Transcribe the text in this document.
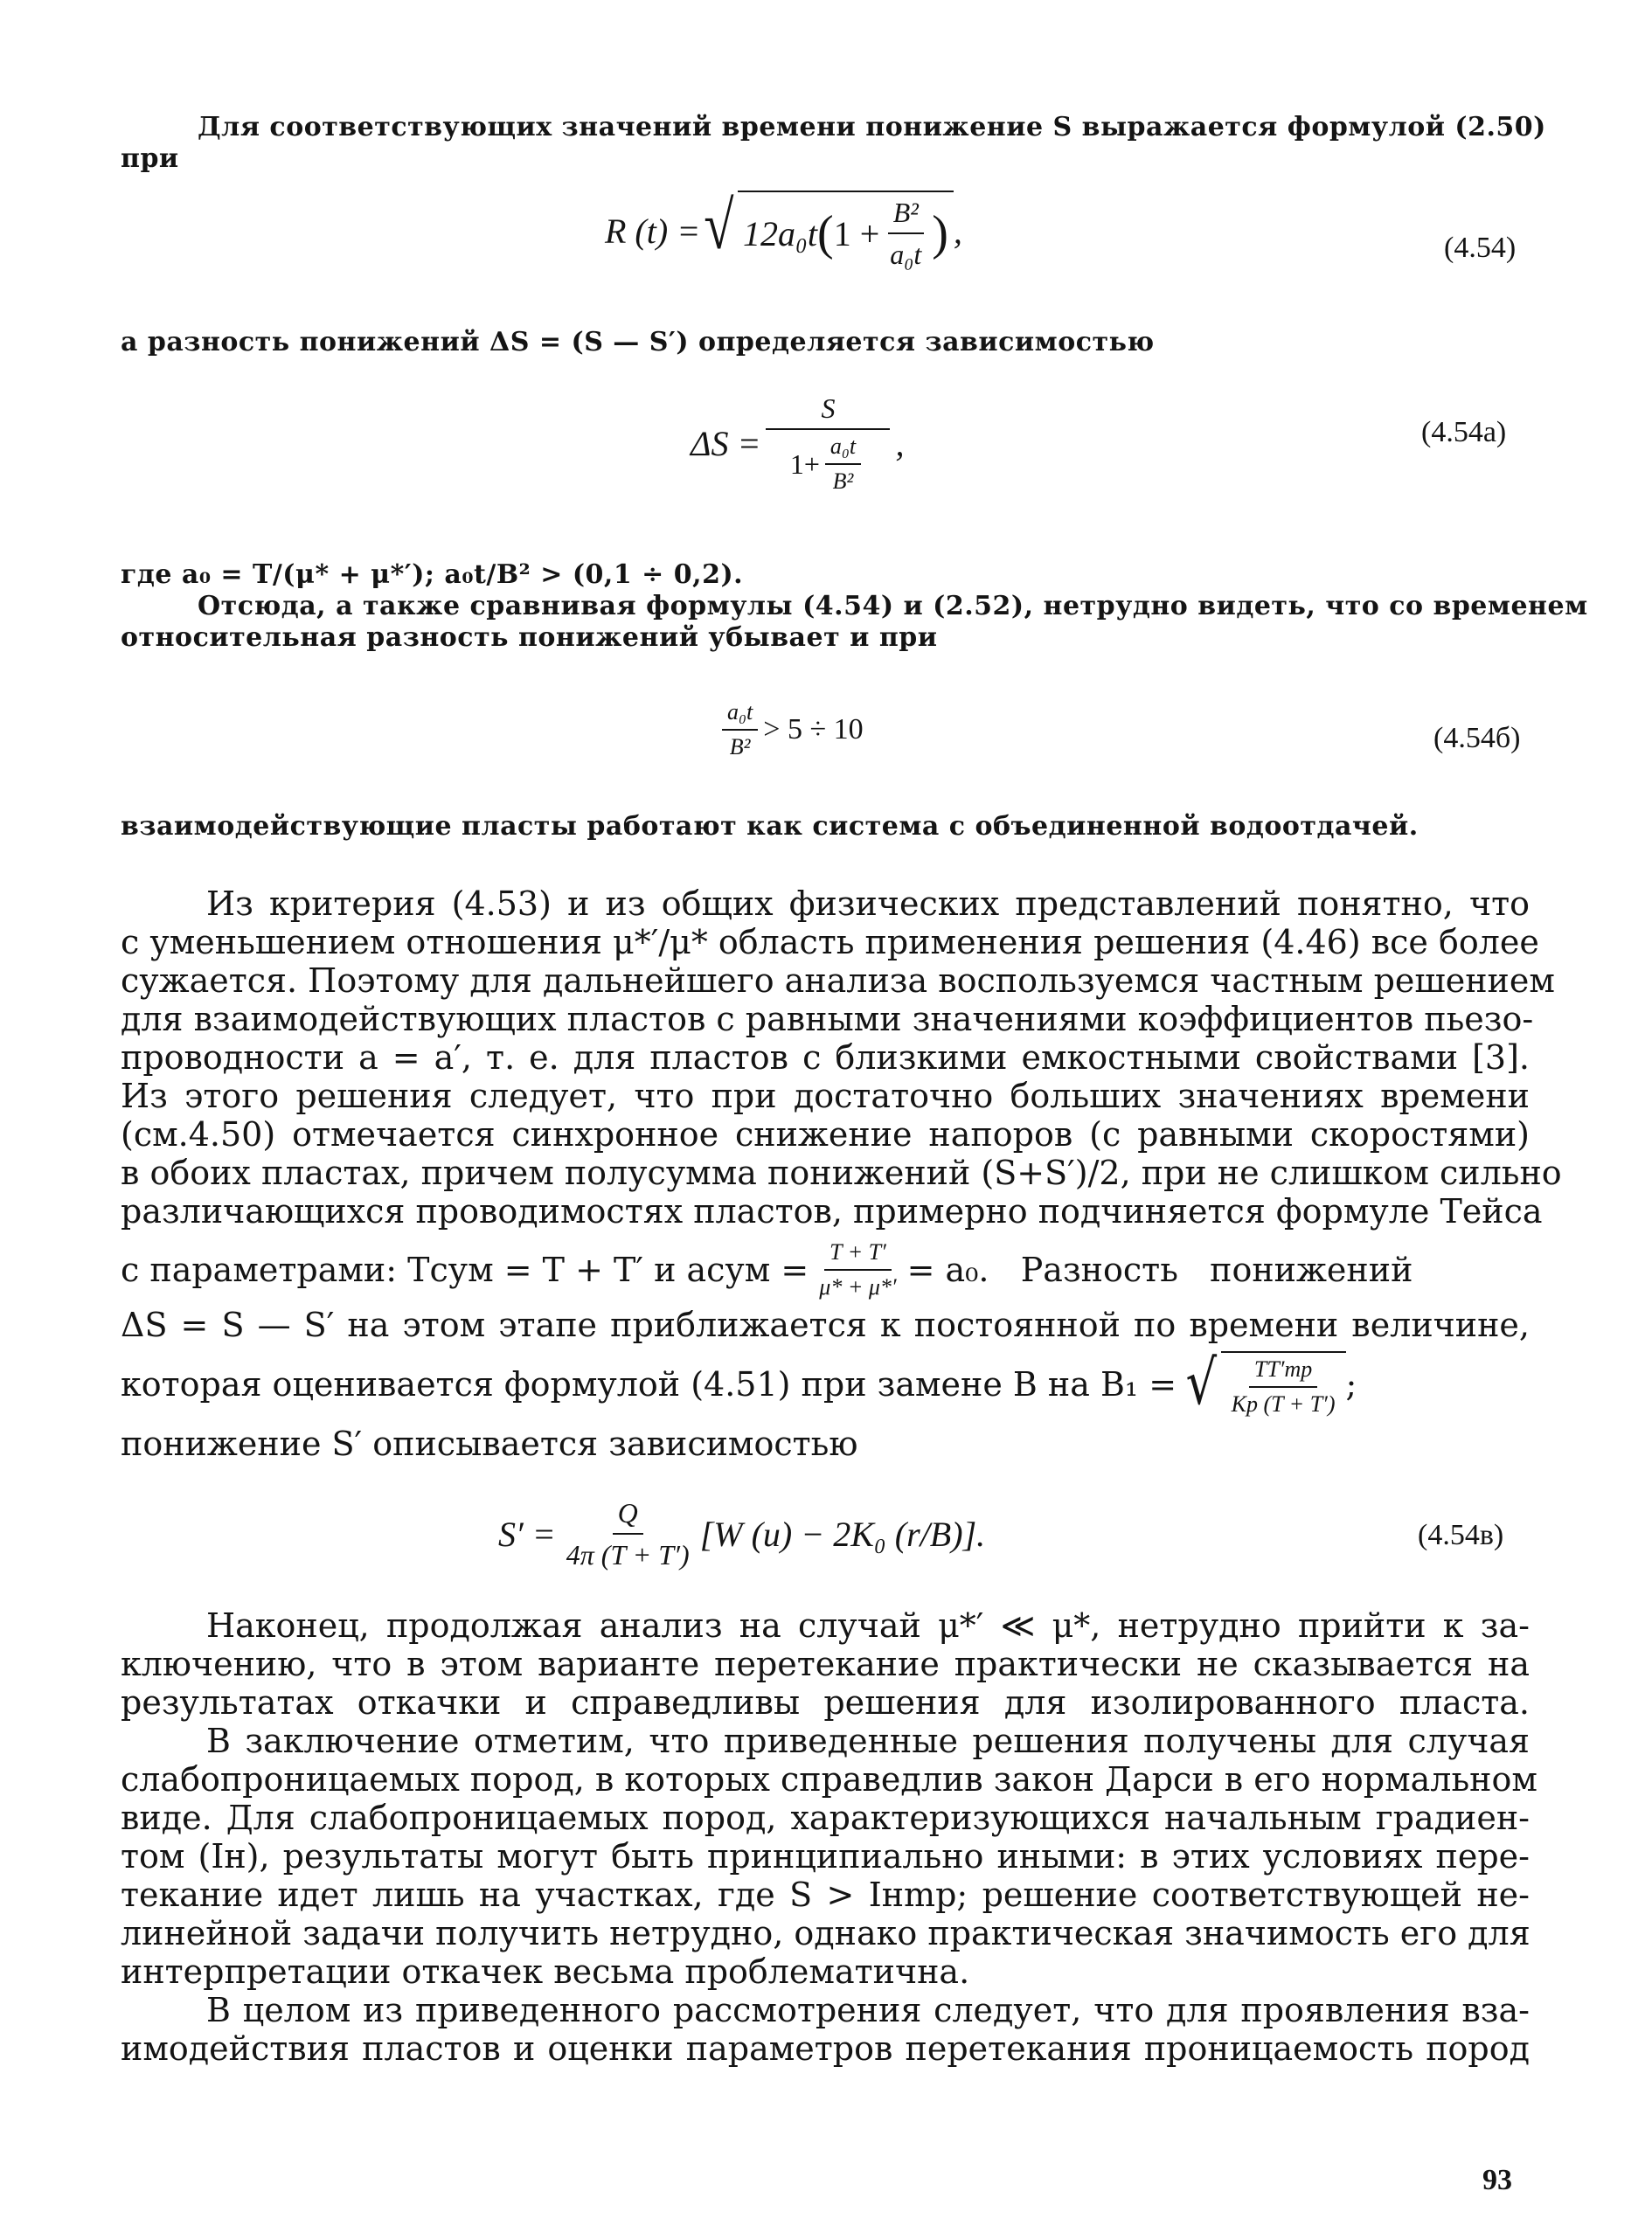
Для соответствующих значений времени понижение S выражается формулой (2.50)
при
R (t) = √ 12a₀t ( $1 + \frac{\text{B²}}{\text{a₀t}}$ ) ,	(4.54)
а разность понижений ΔS = (S — S′) определяется зависимостью
$\Delta S = \frac{S}{1+ \frac{\text{a₀t}}{\text{B²}}}$ ,	(4.54a)
где a₀ = T/(μ* + μ*′); a₀t/B² > (0,1 ÷ 0,2).
Отсюда, а также сравнивая формулы (4.54) и (2.52), нетрудно видеть, что со временем
относительная разность понижений убывает и при
$\frac{\text{a₀t}}{\text{B²}} > 5 \div 10$	(4.54б)
взаимодействующие пласты работают как система с объединенной водоотдачей.
Из критерия (4.53) и из общих физических представлений понятно, что
с уменьшением отношения μ*′/μ* область применения решения (4.46) все более
сужается. Поэтому для дальнейшего анализа воспользуемся частным решением
для взаимодействующих пластов с равными значениями коэффициентов пьезо-
проводности a = a′, т. е. для пластов с близкими емкостными свойствами [3].
Из этого решения следует, что при достаточно больших значениях времени
(см.4.50) отмечается синхронное снижение напоров (с равными скоростями)
в обоих пластах, причем полусумма понижений (S+S′)/2, при не слишком сильно
различающихся проводимостях пластов, примерно подчиняется формуле Тейса
с параметрами: Tсум = T + T′ и aсум = $\frac{T + T'}{\mu* + \mu*'} = a_0$.   Разность   понижений
ΔS = S — S′ на этом этапе приближается к постоянной по времени величине,
которая оценивается формулой (4.51) при замене B на B₁ = √ $\frac{TT'mр}{Kр (T + T')}$ ;
понижение S′ описывается зависимостью
$S' = \frac{Q}{4\pi (T + T')} [W$ (u) − 2K₀ (r/B)].	(4.54в)
Наконец, продолжая анализ на случай μ*′ ≪ μ*, нетрудно прийти к за-
ключению, что в этом варианте перетекание практически не сказывается на
результатах откачки и справедливы решения для изолированного пласта.
В заключение отметим, что приведенные решения получены для случая
слабопроницаемых пород, в которых справедлив закон Дарси в его нормальном
виде. Для слабопроницаемых пород, характеризующихся начальным градиен-
том (Iн), результаты могут быть принципиально иными: в этих условиях пере-
текание идет лишь на участках, где S > Iнmр; решение соответствующей не-
линейной задачи получить нетрудно, однако практическая значимость его для
интерпретации откачек весьма проблематична.
В целом из приведенного рассмотрения следует, что для проявления вза-
имодействия пластов и оценки параметров перетекания проницаемость пород
93
